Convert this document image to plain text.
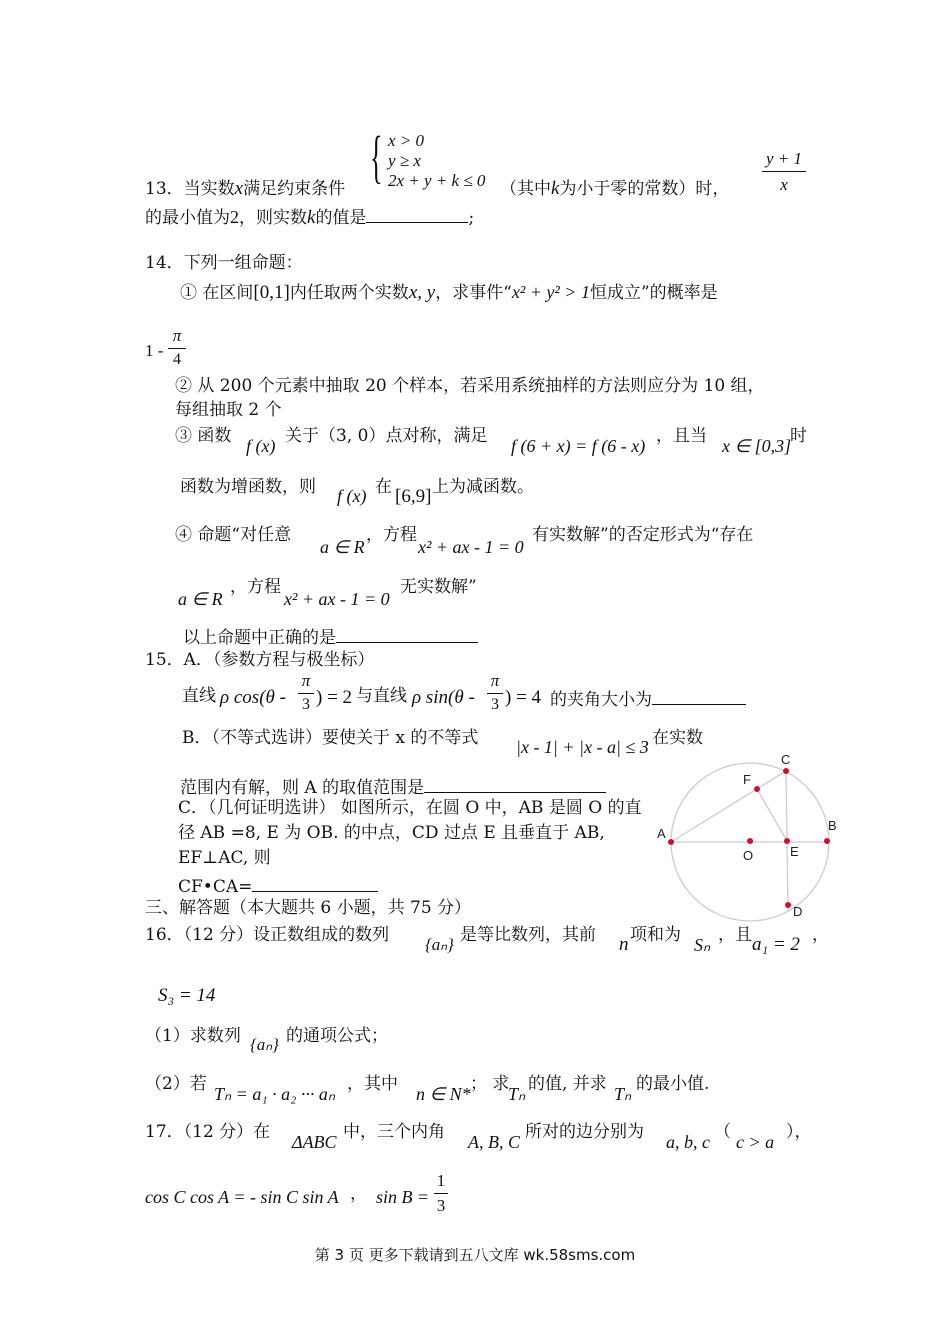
{ x > 0
y ≥ x
2x + y + k ≤ 0
13．当实数x满足约束条件	（其中k为小于零的常数）时，
y + 1
x
的最小值为2，则实数k的值是	;
14．下列一组命题：
① 在区间[0,1]内任取两个实数x, y，求事件“x² + y² > 1恒成立”的概率是
1 -
π
4
② 从 200 个元素中抽取 20 个样本，若采用系统抽样的方法则应分为 10 组，
每组抽取 2 个
③ 函数 f (x) 关于（3, 0）点对称，满足 f (6 + x) = f (6 - x) ，且当 x ∈ [0,3]
时
函数为增函数，则 f (x) 在 [6,9] 上为减函数。
④ 命题“对任意
a ∈ R
，方程
x² + ax - 1 = 0
有实数解”的否定形式为“存在
a ∈ R
，方程
x² + ax - 1 = 0
无实数解”
以上命题中正确的是
15．A．（参数方程与极坐标）
直线 ρ cos(θ -
π
3 ) = 2 与直线 ρ sin(θ -
π
3 ) = 4 的夹角大小为
B．（不等式选讲）要使关于 x 的不等式 |x - 1| + |x - a| ≤ 3 在实数
范围内有解，则 A 的取值范围是
C．（几何证明选讲） 如图所示，在圆 O 中，AB 是圆 O 的直
径 AB =8, E 为 OB. 的中点，CD 过点 E 且垂直于 AB,
EF⊥AC, 则
CF•CA=
A
B
C
D
E
F
O
三、解答题（本大题共 6 小题，共 75 分）
16．（12 分）设正数组成的数列 {aₙ} 是等比数列，其前 n 项和为 Sₙ ，且 a₁ = 2 ，
S₃ = 14
（1）求数列 {aₙ} 的通项公式；
（2）若 Tₙ = a₁ · a₂ ··· aₙ ，其中 n ∈ N* ； 求
Tₙ 的值, 并求 Tₙ 的最小值.
17．（12 分）在 ΔABC 中，三个内角 A, B, C 所对的边分别为 a, b, c （ c > a ），
cos C cos A = - sin C sin A ， sin B =
1
3
第 3 页 更多下载请到五八文库 wk.58sms.com
